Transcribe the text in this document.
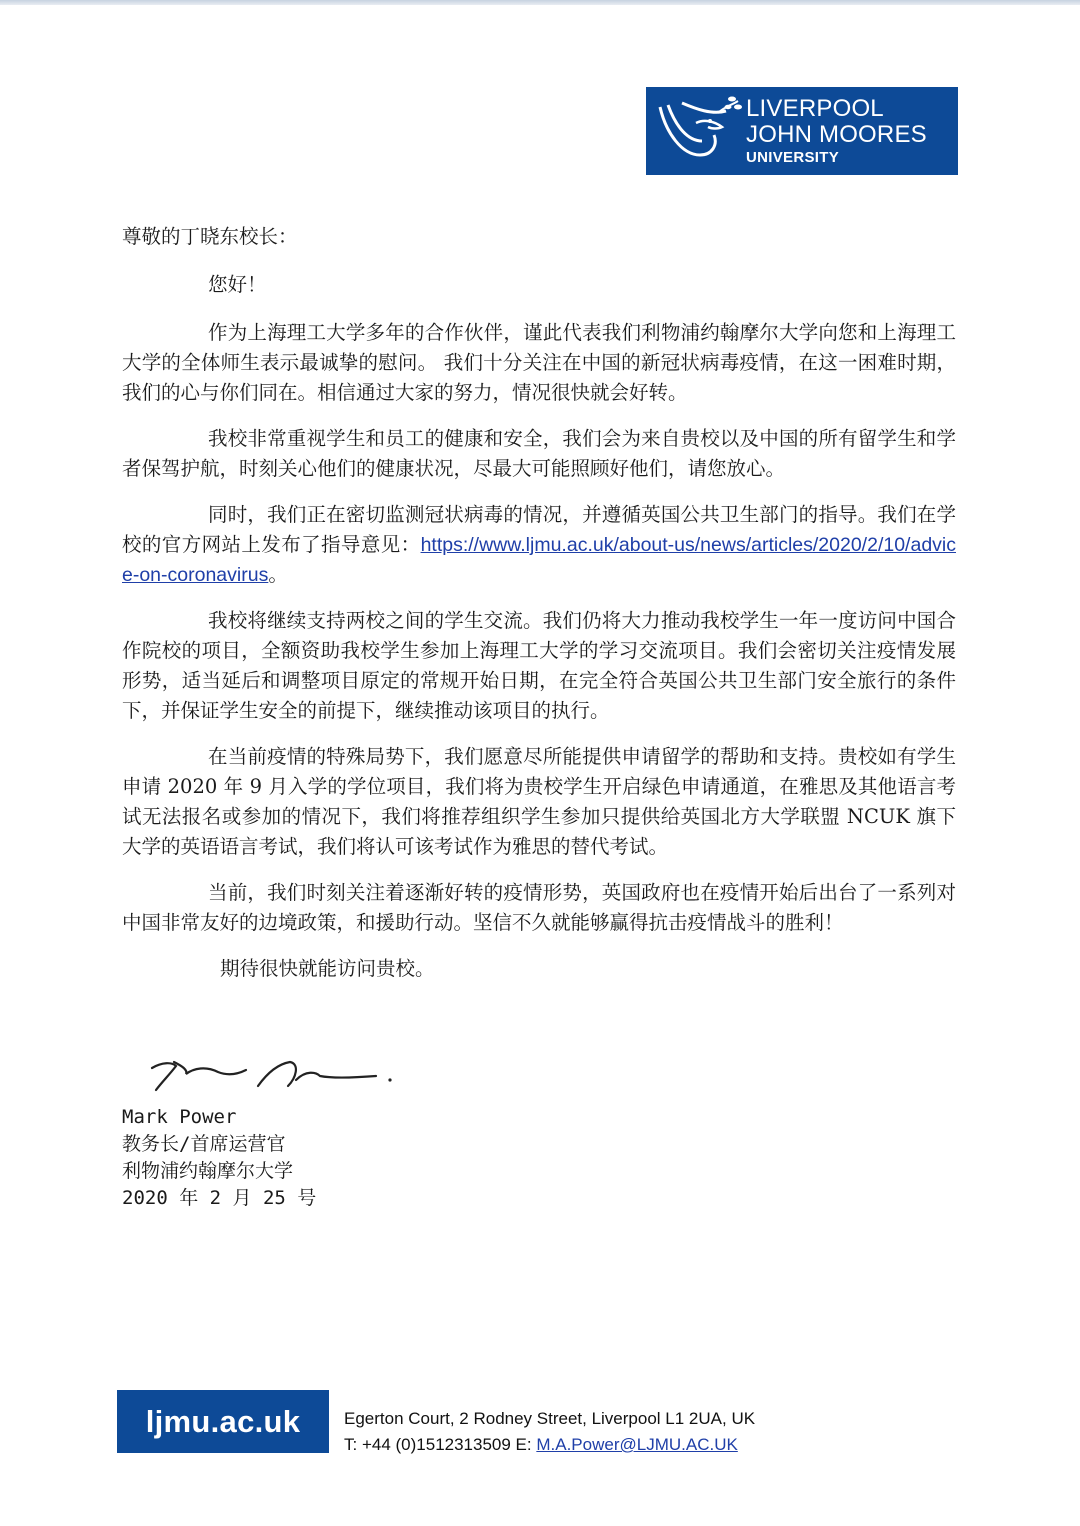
LIVERPOOL
JOHN MOORES
UNIVERSITY

尊敬的丁晓东校长：

您好！

作为上海理工大学多年的合作伙伴，谨此代表我们利物浦约翰摩尔大学向您和上海理工大学的全体师生表示最诚挚的慰问。 我们十分关注在中国的新冠状病毒疫情，在这一困难时期，我们的心与你们同在。相信通过大家的努力，情况很快就会好转。

我校非常重视学生和员工的健康和安全，我们会为来自贵校以及中国的所有留学生和学者保驾护航，时刻关心他们的健康状况，尽最大可能照顾好他们，请您放心。

同时，我们正在密切监测冠状病毒的情况，并遵循英国公共卫生部门的指导。我们在学校的官方网站上发布了指导意见：https://www.ljmu.ac.uk/about-us/news/articles/2020/2/10/advice-on-coronavirus。

我校将继续支持两校之间的学生交流。我们仍将大力推动我校学生一年一度访问中国合作院校的项目，全额资助我校学生参加上海理工大学的学习交流项目。我们会密切关注疫情发展形势，适当延后和调整项目原定的常规开始日期，在完全符合英国公共卫生部门安全旅行的条件下，并保证学生安全的前提下，继续推动该项目的执行。

在当前疫情的特殊局势下，我们愿意尽所能提供申请留学的帮助和支持。贵校如有学生申请 2020 年 9 月入学的学位项目，我们将为贵校学生开启绿色申请通道，在雅思及其他语言考试无法报名或参加的情况下，我们将推荐组织学生参加只提供给英国北方大学联盟 NCUK 旗下大学的英语语言考试，我们将认可该考试作为雅思的替代考试。

当前，我们时刻关注着逐渐好转的疫情形势，英国政府也在疫情开始后出台了一系列对中国非常友好的边境政策，和援助行动。坚信不久就能够赢得抗击疫情战斗的胜利！

期待很快就能访问贵校。

Mark Power
教务长/首席运营官
利物浦约翰摩尔大学
2020 年 2 月 25 号
ljmu.ac.uk	Egerton Court, 2 Rodney Street, Liverpool L1 2UA, UK
T: +44 (0)1512313509 E: M.A.Power@LJMU.AC.UK
